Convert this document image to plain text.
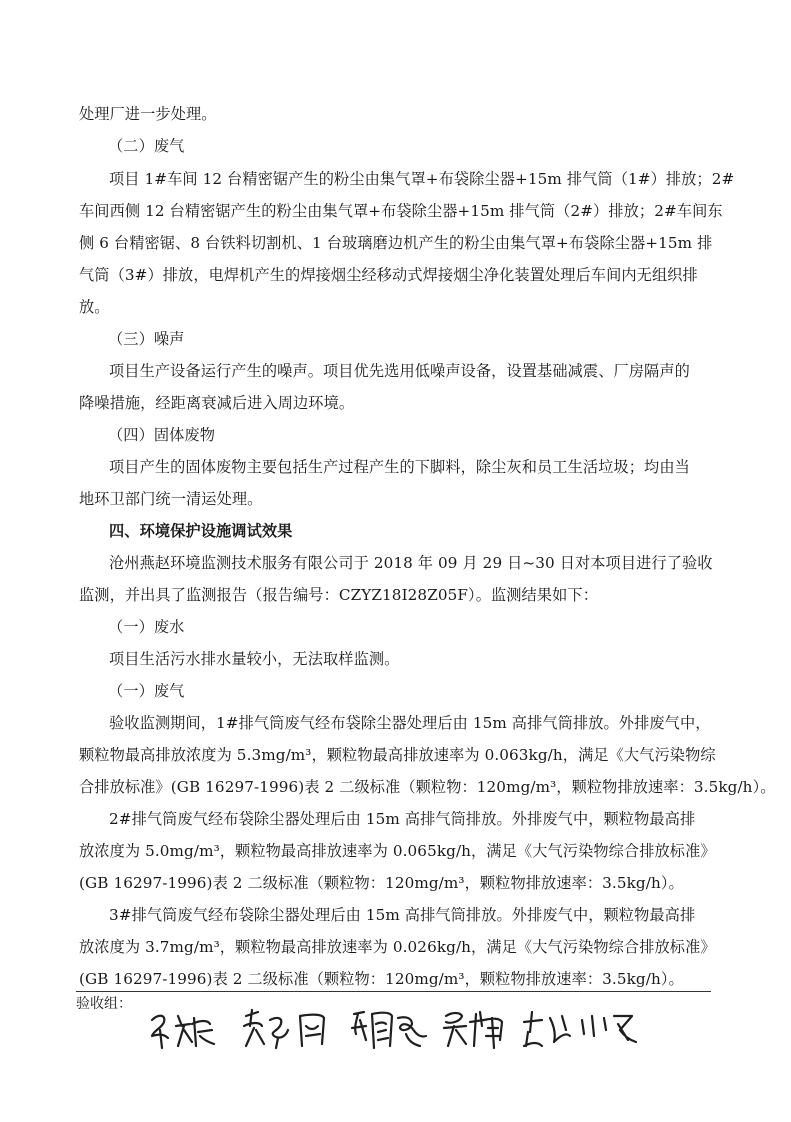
处理厂进一步处理。
（二）废气
项目 1#车间 12 台精密锯产生的粉尘由集气罩+布袋除尘器+15m 排气筒（1#）排放；2#
车间西侧 12 台精密锯产生的粉尘由集气罩+布袋除尘器+15m 排气筒（2#）排放；2#车间东
侧 6 台精密锯、8 台铁料切割机、1 台玻璃磨边机产生的粉尘由集气罩+布袋除尘器+15m 排
气筒（3#）排放，电焊机产生的焊接烟尘经移动式焊接烟尘净化装置处理后车间内无组织排
放。
（三）噪声
项目生产设备运行产生的噪声。项目优先选用低噪声设备，设置基础减震、厂房隔声的
降噪措施，经距离衰减后进入周边环境。
（四）固体废物
项目产生的固体废物主要包括生产过程产生的下脚料，除尘灰和员工生活垃圾；均由当
地环卫部门统一清运处理。
四、环境保护设施调试效果
沧州燕赵环境监测技术服务有限公司于 2018 年 09 月 29 日~30 日对本项目进行了验收
监测，并出具了监测报告（报告编号：CZYZ18I28Z05F）。监测结果如下：
（一）废水
项目生活污水排水量较小，无法取样监测。
（一）废气
验收监测期间，1#排气筒废气经布袋除尘器处理后由 15m 高排气筒排放。外排废气中，
颗粒物最高排放浓度为 5.3mg/m³，颗粒物最高排放速率为 0.063kg/h，满足《大气污染物综
合排放标准》(GB 16297-1996)表 2 二级标准（颗粒物：120mg/m³，颗粒物排放速率：3.5kg/h）。
2#排气筒废气经布袋除尘器处理后由 15m 高排气筒排放。外排废气中，颗粒物最高排
放浓度为 5.0mg/m³，颗粒物最高排放速率为 0.065kg/h，满足《大气污染物综合排放标准》
(GB 16297-1996)表 2 二级标准（颗粒物：120mg/m³，颗粒物排放速率：3.5kg/h）。
3#排气筒废气经布袋除尘器处理后由 15m 高排气筒排放。外排废气中，颗粒物最高排
放浓度为 3.7mg/m³，颗粒物最高排放速率为 0.026kg/h，满足《大气污染物综合排放标准》
(GB 16297-1996)表 2 二级标准（颗粒物：120mg/m³，颗粒物排放速率：3.5kg/h）。
验收组：
